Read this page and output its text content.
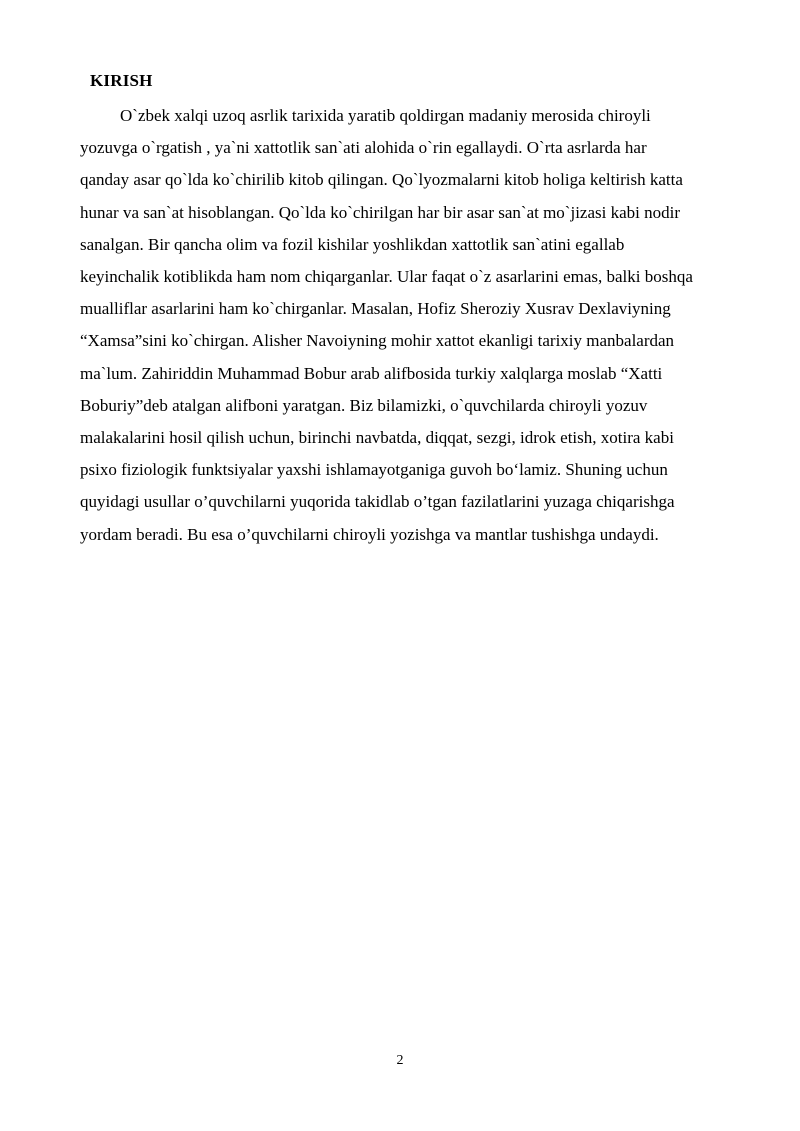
KIRISH

O`zbek xalqi uzoq asrlik tarixida yaratib qoldirgan madaniy merosida chiroyli
yozuvga o`rgatish , ya`ni xattotlik san`ati alohida o`rin egallaydi. O`rta asrlarda har
qanday asar qo`lda ko`chirilib kitob qilingan. Qo`lyozmalarni kitob holiga keltirish katta
hunar va san`at hisoblangan. Qo`lda ko`chirilgan har bir asar san`at mo`jizasi kabi nodir
sanalgan. Bir qancha olim va fozil kishilar yoshlikdan xattotlik san`atini egallab
keyinchalik kotiblikda ham nom chiqarganlar. Ular faqat o`z asarlarini emas, balki boshqa
mualliflar asarlarini ham ko`chirganlar. Masalan, Hofiz Sheroziy Xusrav Dexlaviyning
“Xamsa”sini ko`chirgan. Alisher Navoiyning mohir xattot ekanligi tarixiy manbalardan
ma`lum. Zahiriddin Muhammad Bobur arab alifbosida turkiy xalqlarga moslab “Xatti
Boburiy”deb atalgan alifboni yaratgan. Biz bilamizki, o`quvchilarda chiroyli yozuv
malakalarini hosil qilish uchun, birinchi navbatda, diqqat, sezgi, idrok etish, xotira kabi
psixo fiziologik funktsiyalar yaxshi ishlamayotganiga guvoh bo‘lamiz. Shuning uchun
quyidagi usullar o’quvchilarni yuqorida takidlab o’tgan fazilatlarini yuzaga chiqarishga
yordam beradi. Bu esa o’quvchilarni chiroyli yozishga va mantlar tushishga undaydi.

2
